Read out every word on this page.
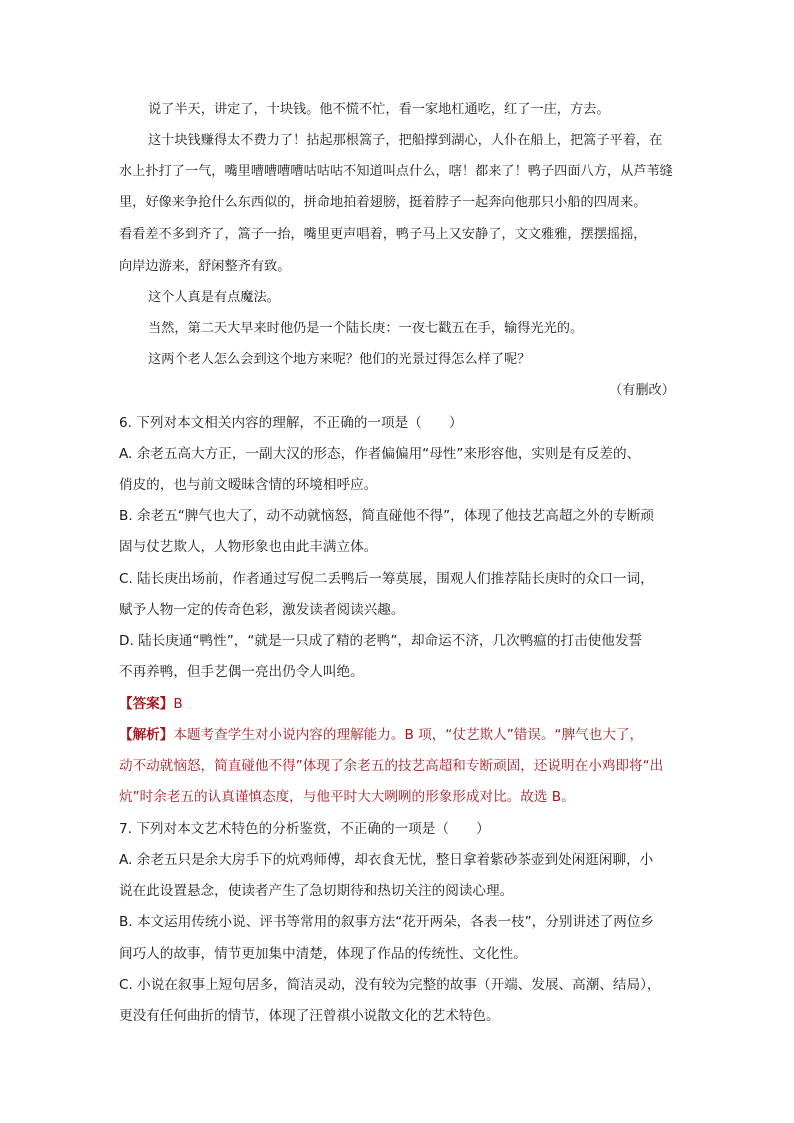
说了半天，讲定了，十块钱。他不慌不忙，看一家地杠通吃，红了一庄，方去。
这十块钱赚得太不费力了！拈起那根篙子，把船撑到湖心，人仆在船上，把篙子平着，在
水上扑打了一气，嘴里嘈嘈嘈嘈咕咕咕不知道叫点什么，嗐！都来了！鸭子四面八方，从芦苇缝
里，好像来争抢什么东西似的，拼命地拍着翅膀，挺着脖子一起奔向他那只小船的四周来。
看看差不多到齐了，篙子一抬，嘴里更声唱着，鸭子马上又安静了，文文雅雅，摆摆摇摇，
向岸边游来，舒闲整齐有致。
这个人真是有点魔法。
当然，第二天大早来时他仍是一个陆长庚：一夜七戳五在手，输得光光的。
这两个老人怎么会到这个地方来呢？他们的光景过得怎么样了呢？
（有删改）
6. 下列对本文相关内容的理解，不正确的一项是（　　）
A. 余老五高大方正，一副大汉的形态，作者偏偏用“母性”来形容他，实则是有反差的、
俏皮的，也与前文暧昧含情的环境相呼应。
B. 余老五“脾气也大了，动不动就恼怒，简直碰他不得”，体现了他技艺高超之外的专断顽
固与仗艺欺人，人物形象也由此丰满立体。
C. 陆长庚出场前，作者通过写倪二丢鸭后一筹莫展，围观人们推荐陆长庚时的众口一词，
赋予人物一定的传奇色彩，激发读者阅读兴趣。
D. 陆长庚通“鸭性”，“就是一只成了精的老鸭”，却命运不济，几次鸭瘟的打击使他发誓
不再养鸭，但手艺偶一亮出仍令人叫绝。
【答案】B
【解析】本题考查学生对小说内容的理解能力。B 项，“仗艺欺人”错误。“脾气也大了，
动不动就恼怒，简直碰他不得”体现了余老五的技艺高超和专断顽固，还说明在小鸡即将“出
炕”时余老五的认真谨慎态度，与他平时大大咧咧的形象形成对比。故选 B。
7. 下列对本文艺术特色的分析鉴赏，不正确的一项是（　　）
A. 余老五只是余大房手下的炕鸡师傅，却衣食无忧，整日拿着紫砂茶壶到处闲逛闲聊，小
说在此设置悬念，使读者产生了急切期待和热切关注的阅读心理。
B. 本文运用传统小说、评书等常用的叙事方法“花开两朵，各表一枝”，分别讲述了两位乡
间巧人的故事，情节更加集中清楚，体现了作品的传统性、文化性。
C. 小说在叙事上短句居多，简洁灵动，没有较为完整的故事（开端、发展、高潮、结局），
更没有任何曲折的情节，体现了汪曾祺小说散文化的艺术特色。
